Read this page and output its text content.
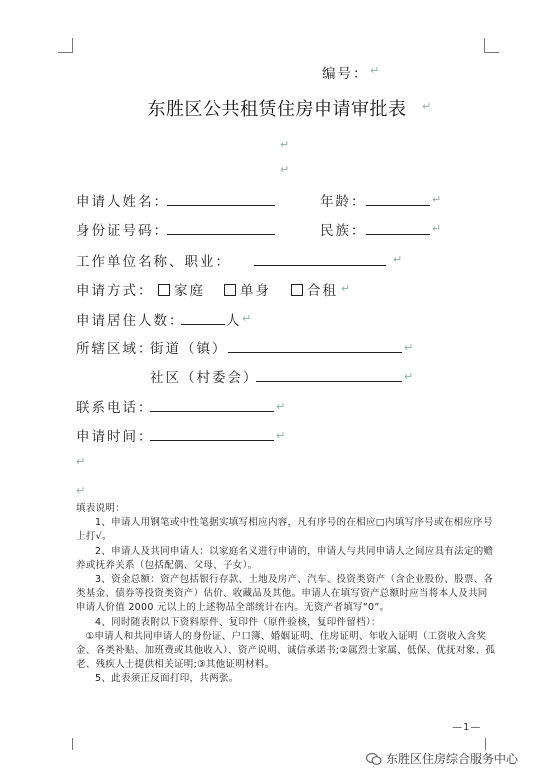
编号： ↵
东胜区公共租赁住房申请审批表	↵
↵
↵
申请人姓名：	年龄：	↵
身份证号码：	民族：	↵
工作单位名称、职业：	↵
申请方式：	家庭	单身	合租 ↵
申请居住人数：	人 ↵
所辖区域：
街道（镇）	↵
社区（村委会）	↵
联系电话：	↵
申请时间：	↵
↵
↵

填表说明：

1、申请人用钢笔或中性笔据实填写相应内容，凡有序号的在相应□内填写序号或在相应序号上打√。

2、申请人及共同申请人：以家庭名义进行申请的，申请人与共同申请人之间应具有法定的赡养或抚养关系（包括配偶、父母、子女）。

3、资金总额：资产包括银行存款、土地及房产、汽车、投资类资产（含企业股份、股票、各类基金、债券等投资类资产）估价、收藏品及其他。申请人在填写资产总额时应当将本人及共同申请人价值 2000 元以上的上述物品全部统计在内。无资产者填写“0”。

4、同时随表附以下资料原件、复印件（原件验核，复印件留档）：

①申请人和共同申请人的身份证、户口簿、婚姻证明、住房证明、年收入证明（工资收入含奖金、各类补贴、加班费或其他收入）、资产说明、诚信承诺书;②属烈士家属、低保、优抚对象、孤老、残疾人士提供相关证明;③其他证明材料。

5、此表须正反面打印，共两张。

—1—
东胜区住房综合服务中心
